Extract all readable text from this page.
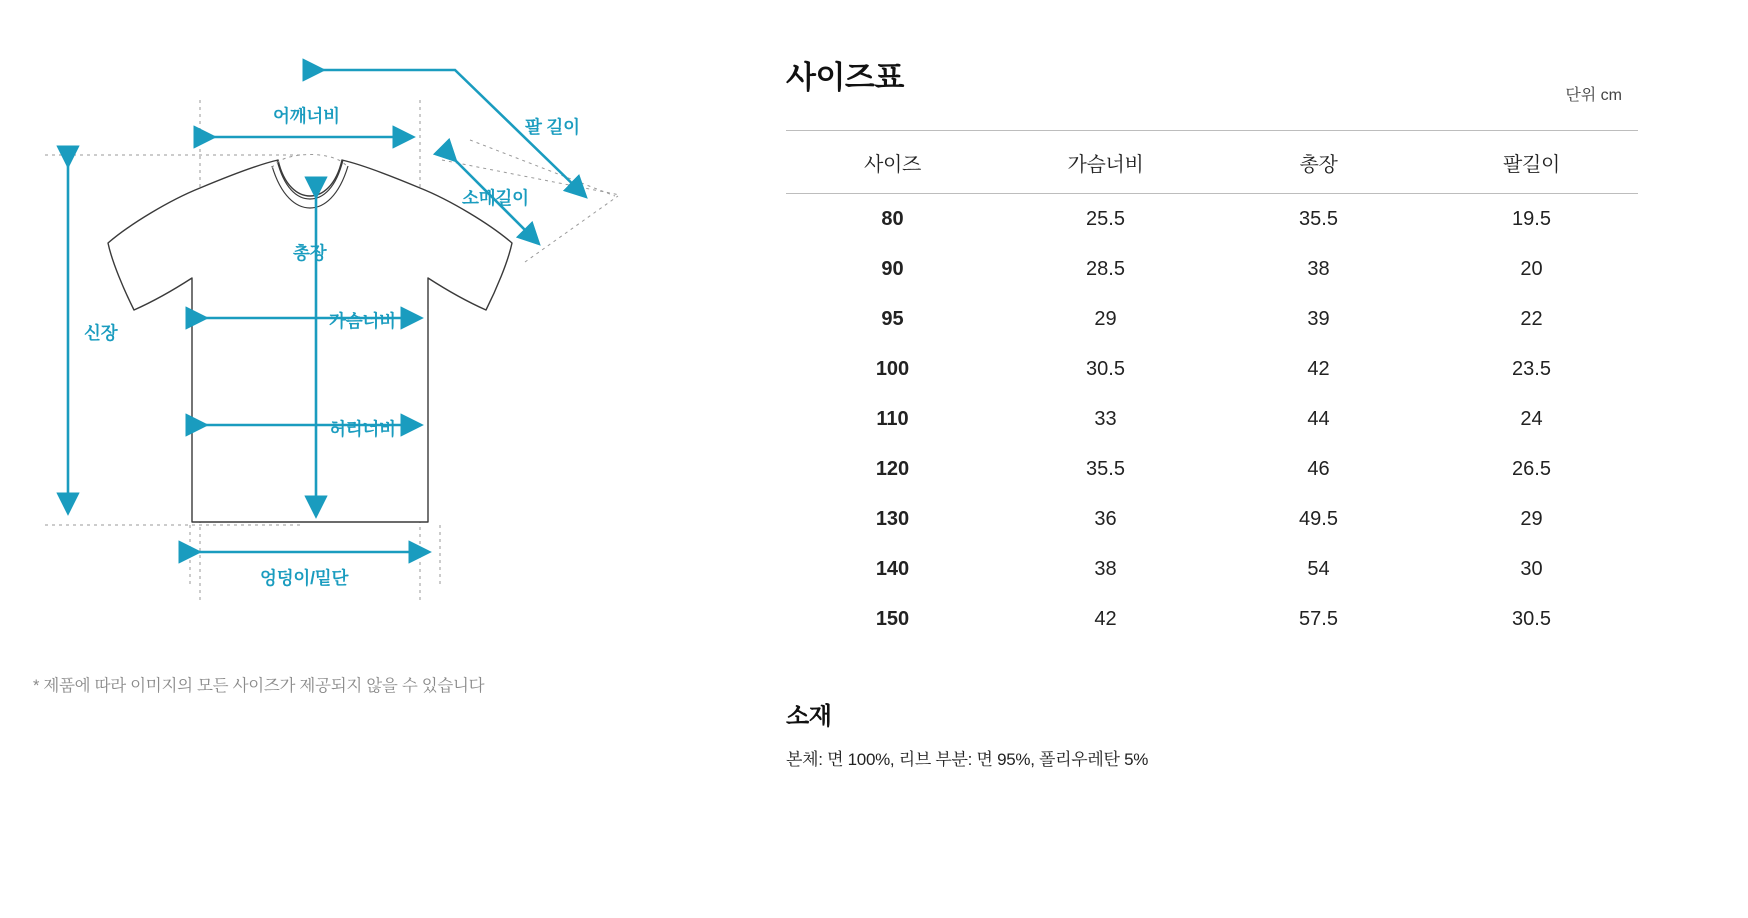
어깨너비
팔 길이
소매길이
총장
신장
가슴너비
허리너비
엉덩이/밑단
* 제품에 따라 이미지의 모든 사이즈가 제공되지 않을 수 있습니다
사이즈표
단위 cm
사이즈	가슴너비	총장	팔길이
80	25.5	35.5	19.5
90	28.5	38	20
95	29	39	22
100	30.5	42	23.5
110	33	44	24
120	35.5	46	26.5
130	36	49.5	29
140	38	54	30
150	42	57.5	30.5
소재
본체: 면 100%, 리브 부분: 면 95%, 폴리우레탄 5%
